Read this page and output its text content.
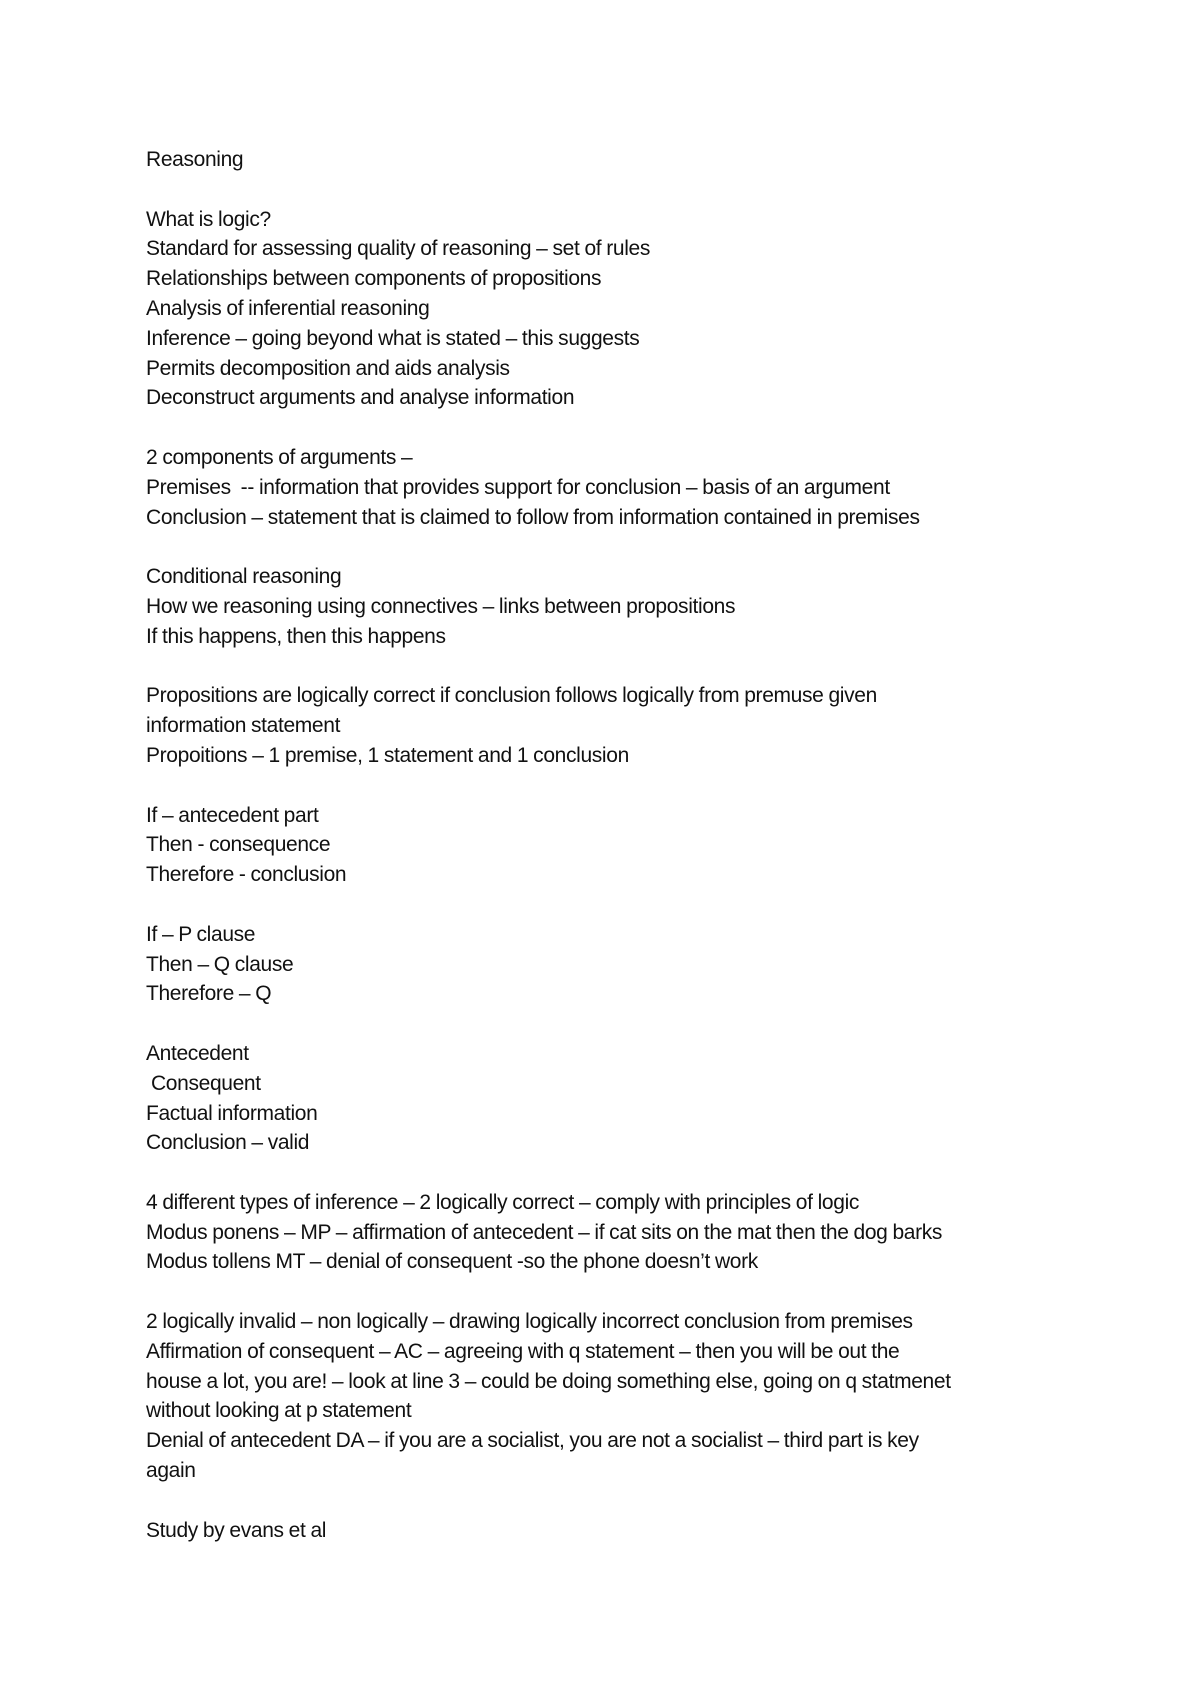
Reasoning
What is logic?
Standard for assessing quality of reasoning – set of rules
Relationships between components of propositions
Analysis of inferential reasoning
Inference – going beyond what is stated – this suggests
Permits decomposition and aids analysis
Deconstruct arguments and analyse information
2 components of arguments –
Premises  -- information that provides support for conclusion – basis of an argument
Conclusion – statement that is claimed to follow from information contained in premises
Conditional reasoning
How we reasoning using connectives – links between propositions
If this happens, then this happens
Propositions are logically correct if conclusion follows logically from premuse given
information statement
Propoitions – 1 premise, 1 statement and 1 conclusion
If – antecedent part
Then - consequence
Therefore - conclusion
If – P clause
Then – Q clause
Therefore – Q
Antecedent
Consequent
Factual information
Conclusion – valid
4 different types of inference – 2 logically correct – comply with principles of logic
Modus ponens – MP – affirmation of antecedent – if cat sits on the mat then the dog barks
Modus tollens MT – denial of consequent -so the phone doesn’t work
2 logically invalid – non logically – drawing logically incorrect conclusion from premises
Affirmation of consequent – AC – agreeing with q statement – then you will be out the
house a lot, you are! – look at line 3 – could be doing something else, going on q statmenet
without looking at p statement
Denial of antecedent DA – if you are a socialist, you are not a socialist – third part is key
again
Study by evans et al
